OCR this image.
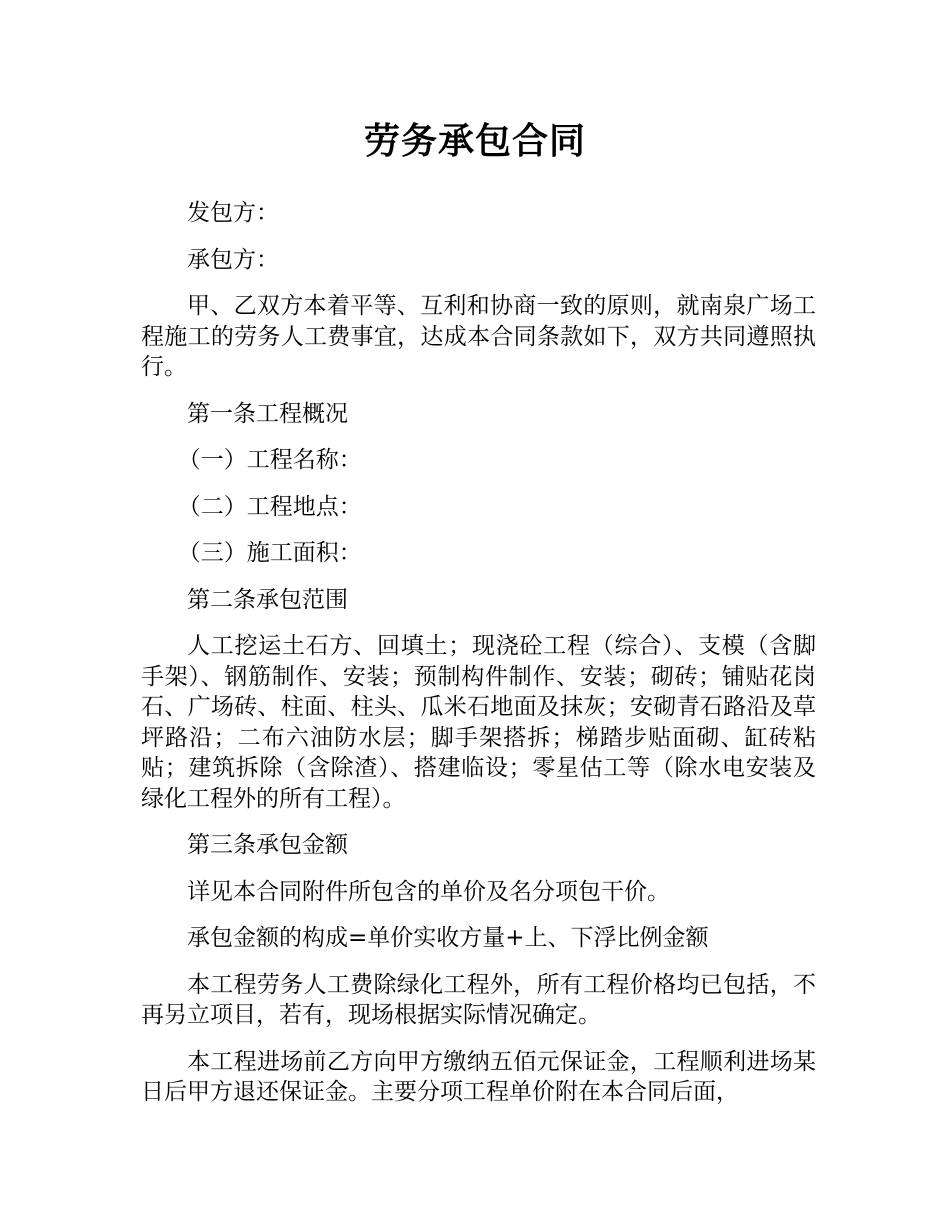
劳务承包合同

发包方：

承包方：

甲、乙双方本着平等、互利和协商一致的原则，就南泉广场工程施工的劳务人工费事宜，达成本合同条款如下，双方共同遵照执行。

第一条工程概况

（一）工程名称：

（二）工程地点：

（三）施工面积：

第二条承包范围

人工挖运土石方、回填土；现浇砼工程（综合）、支模（含脚手架）、钢筋制作、安装；预制构件制作、安装；砌砖；铺贴花岗石、广场砖、柱面、柱头、瓜米石地面及抹灰；安砌青石路沿及草坪路沿；二布六油防水层；脚手架搭拆；梯踏步贴面砌、缸砖粘贴；建筑拆除（含除渣）、搭建临设；零星估工等（除水电安装及绿化工程外的所有工程）。

第三条承包金额

详见本合同附件所包含的单价及名分项包干价。

承包金额的构成=单价实收方量+上、下浮比例金额

本工程劳务人工费除绿化工程外，所有工程价格均已包括，不再另立项目，若有，现场根据实际情况确定。

本工程进场前乙方向甲方缴纳五佰元保证金，工程顺利进场某日后甲方退还保证金。主要分项工程单价附在本合同后面，
